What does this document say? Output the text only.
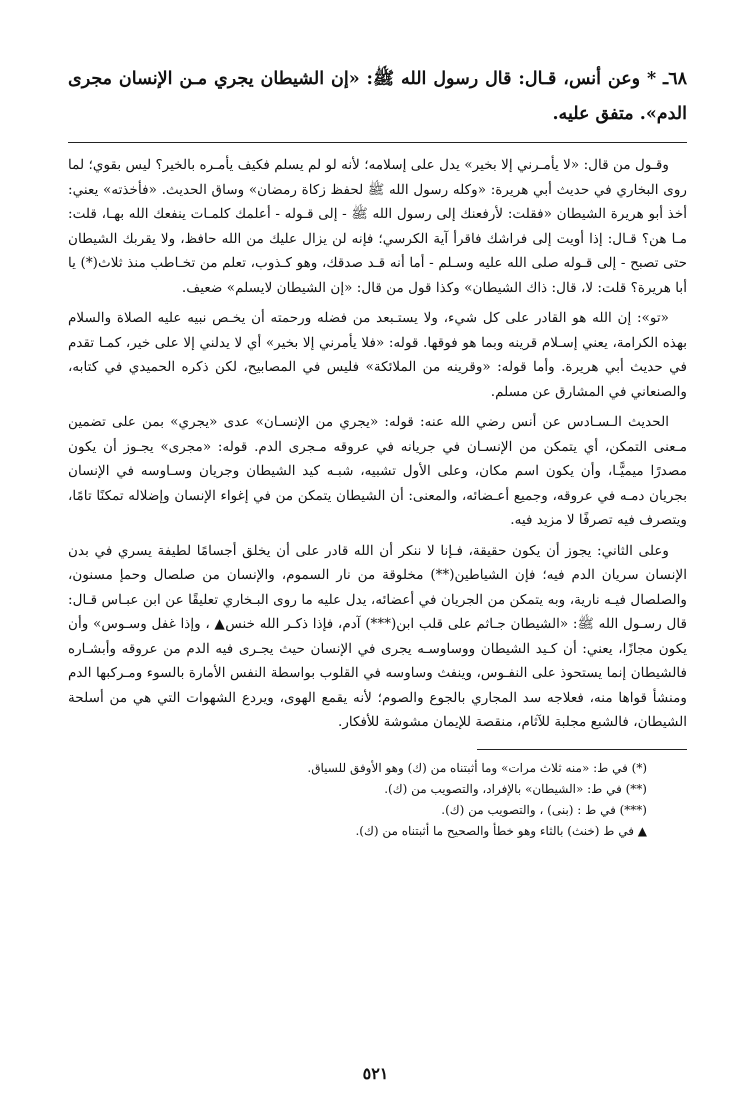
٦٨ـ * وعن أنس، قـال: قال رسول الله ﷺ: «إن الشيطان يجري مـن الإنسان مجرى الدم». متفق عليه.

وقـول من قال: «لا يأمـرني إلا بخير» يدل على إسلامه؛ لأنه لو لم يسلم فكيف يأمـره بالخير؟ ليس بقوي؛ لما روى البخاري في حديث أبي هريرة: «وكله رسول الله ﷺ لحفظ زكاة رمضان» وساق الحديث. «فأخذته» يعني: أخذ أبو هريرة الشيطان «فقلت: لأرفعنك إلى رسول الله ﷺ - إلى قـوله - أعلمك كلمـات ينفعك الله بهـا، قلت: مـا هن؟ قـال: إذا أويت إلى فراشك فاقرأ آية الكرسي؛ فإنه لن يزال عليك من الله حافظ، ولا يقربك الشيطان حتى تصبح - إلى قـوله صلى الله عليه وسـلم - أما أنه قـد صدقك، وهو كـذوب، تعلم من تخـاطب منذ ثلاث(*) يا أبا هريرة؟ قلت: لا، قال: ذاك الشيطان» وكذا قول من قال: «إن الشيطان لايسلم» ضعيف.

«تو»: إن الله هو القادر على كل شيء، ولا يستـبعد من فضله ورحمته أن يخـص نبيه عليه الصلاة والسلام بهذه الكرامة، يعني إسـلام قرينه وبما هو فوقها. قوله: «فلا يأمرني إلا بخير» أي لا يدلني إلا على خير، كمـا تقدم في حديث أبي هريرة. وأما قوله: «وقرينه من الملائكة» فليس في المصابيح، لكن ذكره الحميدي في كتابه، والصنعاني في المشارق عن مسلم.

الحديث الـسـادس عن أنس رضي الله عنه: قوله: «يجري من الإنسـان» عدى «يجري» بمن على تضمين مـعنى التمكن، أي يتمكن من الإنسـان في جريانه في عروقه مـجرى الدم. قوله: «مجرى» يجـوز أن يكون مصدرًا ميميًّـا، وأن يكون اسم مكان، وعلى الأول تشبيه، شبـه كيد الشيطان وجريان وسـاوسه في الإنسان بجريان دمـه في عروقه، وجميع أعـضائه، والمعنى: أن الشيطان يتمكن من في إغواء الإنسان وإضلاله تمكنًا تامًا، ويتصرف فيه تصرفًا لا مزيد فيه.

وعلى الثاني: يجوز أن يكون حقيقة، فـإنا لا ننكر أن الله قادر على أن يخلق أجسامًا لطيفة يسري في بدن الإنسان سريان الدم فيه؛ فإن الشياطين(**) مخلوقة من نار السموم، والإنسان من صلصال وحمإ مسنون، والصلصال فيـه نارية، وبه يتمكن من الجريان في أعضائه، يدل عليه ما روى البـخاري تعليقًا عن ابن عبـاس قـال: قال رسـول الله ﷺ: «الشيطان جـاثم على قلب ابن(***) آدم، فإذا ذكـر الله خنس▲ ، وإذا غفل وسـوس» وأن يكون مجازًا، يعني: أن كـيد الشيطان ووساوسـه يجرى في الإنسان حيث يجـرى فيه الدم من عروقه وأبشـاره فالشيطان إنما يستحوذ على النفـوس، وينفث وساوسه في القلوب بواسطة النفس الأمارة بالسوء ومـركبها الدم ومنشأ قواها منه، فعلاجه سد المجاري بالجوع والصوم؛ لأنه يقمع الهوى، ويردع الشهوات التي هي من أسلحة الشيطان، فالشبع مجلبة للآثام، منقصة للإيمان مشوشة للأفكار.

(*) في ط: «منه ثلاث مرات» وما أثبتناه من (ك) وهو الأوفق للسياق.
(**) في ط: «الشيطان» بالإفراد، والتصويب من (ك).
(***) في ط : (بنى) ، والتصويب من (ك).
▲ في ط (خنث) بالثاء وهو خطأ والصحيح ما أثبتناه من (ك).
٥٢١
